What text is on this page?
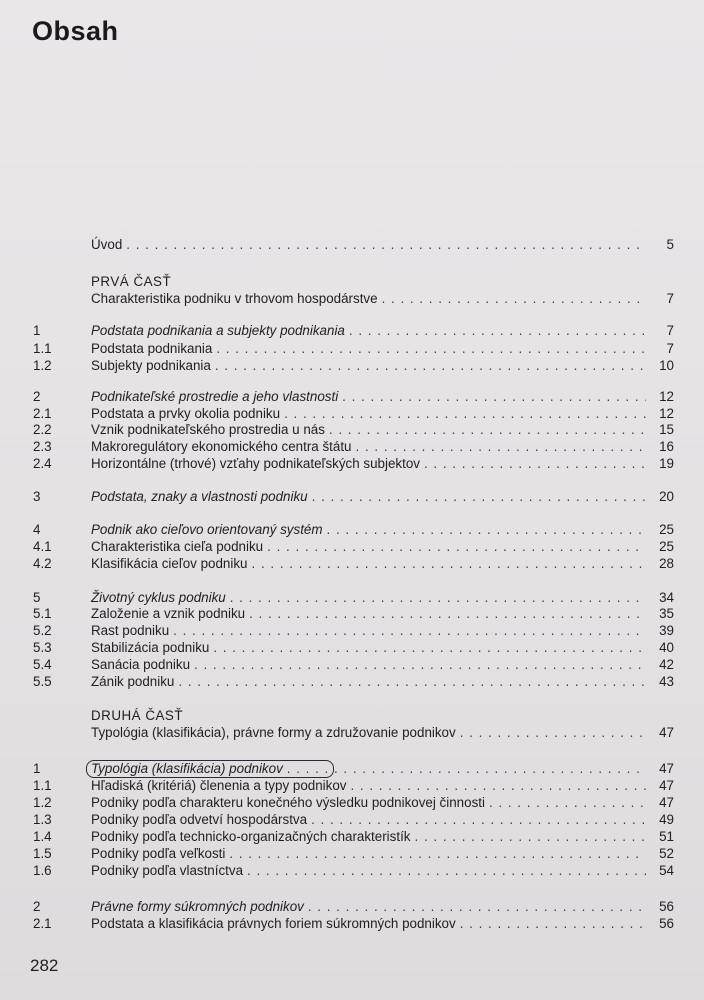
Obsah
PRVÁ ČASŤ
DRUHÁ ČASŤ
Úvod . . .	5
Charakteristika podniku v trhovom hospodárstve . . .	7
1	Podstata podnikania a subjekty podnikania . . .	7
1.1	Podstata podnikania . . .	7
1.2	Subjekty podnikania . . .	10
2	Podnikateľské prostredie a jeho vlastnosti . . .	12
2.1	Podstata a prvky okolia podniku . . .	12
2.2	Vznik podnikateľského prostredia u nás . . .	15
2.3	Makroregulátory ekonomického centra štátu . . .	16
2.4	Horizontálne (trhové) vzťahy podnikateľských subjektov . . .	19
3	Podstata, znaky a vlastnosti podniku . . .	20
4	Podnik ako cieľovo orientovaný systém . . .	25
4.1	Charakteristika cieľa podniku . . .	25
4.2	Klasifikácia cieľov podniku . . .	28
5	Životný cyklus podniku . . .	34
5.1	Založenie a vznik podniku . . .	35
5.2	Rast podniku . . .	39
5.3	Stabilizácia podniku . . .	40
5.4	Sanácia podniku . . .	42
5.5	Zánik podniku . . .	43
Typológia (klasifikácia), právne formy a združovanie podnikov . . .	47
1	Typológia (klasifikácia) podnikov . . .	47
1.1	Hľadiská (kritériá) členenia a typy podnikov . . .	47
1.2	Podniky podľa charakteru konečného výsledku podnikovej činnosti . . .	47
1.3	Podniky podľa odvetví hospodárstva . . .	49
1.4	Podniky podľa technicko-organizačných charakteristík . . .	51
1.5	Podniky podľa veľkosti . . .	52
1.6	Podniky podľa vlastníctva . . .	54
2	Právne formy súkromných podnikov . . .	56
2.1	Podstata a klasifikácia právnych foriem súkromných podnikov . . .	56
282
